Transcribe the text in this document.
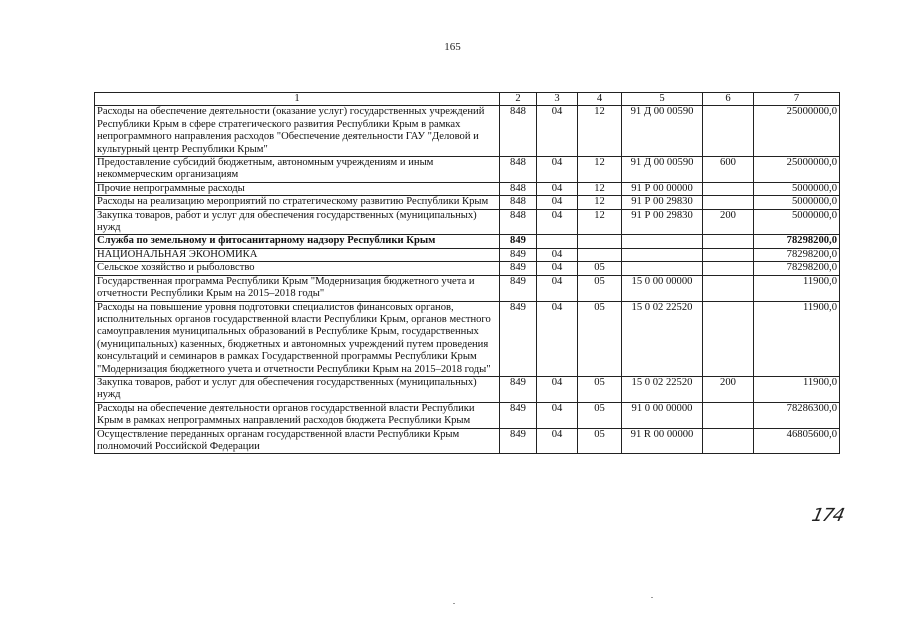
165
1	2	3	4	5	6	7
Расходы на обеспечение деятельности (оказание услуг) государственных учреждений Республики Крым в сфере стратегического развития Республики Крым в рамках непрограммного направления расходов "Обеспечение деятельности ГАУ "Деловой и культурный центр Республики Крым"	848	04	12	91 Д 00 00590		25000000,0
Предоставление субсидий бюджетным, автономным учреждениям и иным некоммерческим организациям	848	04	12	91 Д 00 00590	600	25000000,0
Прочие непрограммные расходы	848	04	12	91 Р 00 00000		5000000,0
Расходы на реализацию мероприятий по стратегическому развитию Республики Крым	848	04	12	91 Р 00 29830		5000000,0
Закупка товаров, работ и услуг для обеспечения государственных (муниципальных) нужд	848	04	12	91 Р 00 29830	200	5000000,0
Служба по земельному и фитосанитарному надзору Республики Крым	849					78298200,0
НАЦИОНАЛЬНАЯ ЭКОНОМИКА	849	04				78298200,0
Сельское хозяйство и рыболовство	849	04	05			78298200,0
Государственная программа Республики Крым "Модернизация бюджетного учета и отчетности Республики Крым на 2015–2018 годы"	849	04	05	15 0 00 00000		11900,0
Расходы на повышение уровня подготовки специалистов финансовых органов, исполнительных органов государственной власти Республики Крым, органов местного самоуправления муниципальных образований в Республике Крым, государственных (муниципальных) казенных, бюджетных и автономных учреждений путем проведения консультаций и семинаров в рамках Государственной программы Республики Крым "Модернизация бюджетного учета и отчетности Республики Крым на 2015–2018 годы"	849	04	05	15 0 02 22520		11900,0
Закупка товаров, работ и услуг для обеспечения государственных (муниципальных) нужд	849	04	05	15 0 02 22520	200	11900,0
Расходы на обеспечение деятельности органов государственной власти Республики Крым в рамках непрограммных направлений расходов бюджета Республики Крым	849	04	05	91 0 00 00000		78286300,0
Осуществление переданных органам государственной власти Республики Крым полномочий Российской Федерации	849	04	05	91 R 00 00000		46805600,0
174
